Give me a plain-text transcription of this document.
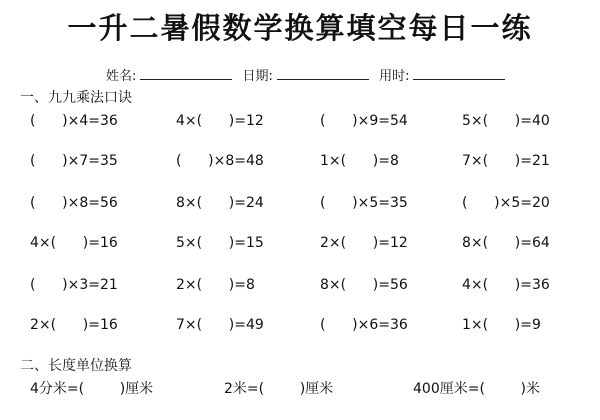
一升二暑假数学换算填空每日一练
姓名:	日期:	用时:
一、九九乘法口诀
(      )×4=36	4×(      )=12	(      )×9=54	5×(      )=40
(      )×7=35	(      )×8=48	1×(      )=8	7×(      )=21
(      )×8=56	8×(      )=24	(      )×5=35	(      )×5=20
4×(      )=16	5×(      )=15	2×(      )=12	8×(      )=64
(      )×3=21	2×(      )=8	8×(      )=56	4×(      )=36
2×(      )=16	7×(      )=49	(      )×6=36	1×(      )=9
二、长度单位换算
4分米=(        )厘米	2米=(        )厘米	400厘米=(        )米
